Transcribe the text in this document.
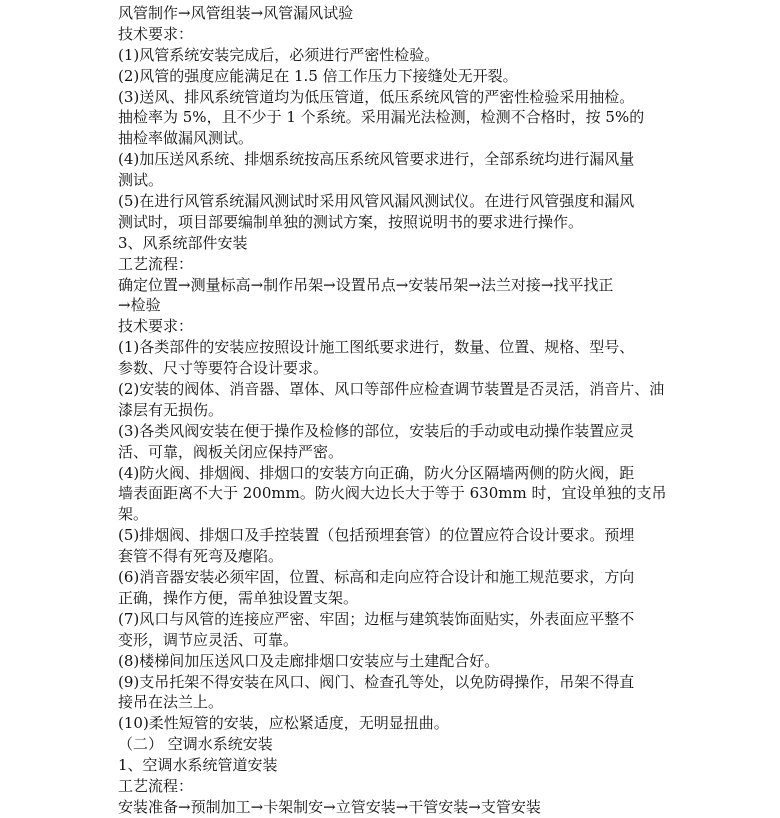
风管制作→风管组装→风管漏风试验
技术要求：
(1)风管系统安装完成后，必须进行严密性检验。
(2)风管的强度应能满足在 1.5 倍工作压力下接缝处无开裂。
(3)送风、排风系统管道均为低压管道，低压系统风管的严密性检验采用抽检。
抽检率为 5%，且不少于 1 个系统。采用漏光法检测，检测不合格时，按 5%的
抽检率做漏风测试。
(4)加压送风系统、排烟系统按高压系统风管要求进行，全部系统均进行漏风量
测试。
(5)在进行风管系统漏风测试时采用风管风漏风测试仪。在进行风管强度和漏风
测试时，项目部要编制单独的测试方案，按照说明书的要求进行操作。
3、风系统部件安装
工艺流程：
确定位置→测量标高→制作吊架→设置吊点→安装吊架→法兰对接→找平找正
→检验
技术要求：
(1)各类部件的安装应按照设计施工图纸要求进行，数量、位置、规格、型号、
参数、尺寸等要符合设计要求。
(2)安装的阀体、消音器、罩体、风口等部件应检查调节装置是否灵活，消音片、油
漆层有无损伤。
(3)各类风阀安装在便于操作及检修的部位，安装后的手动或电动操作装置应灵
活、可靠，阀板关闭应保持严密。
(4)防火阀、排烟阀、排烟口的安装方向正确，防火分区隔墙两侧的防火阀，距
墙表面距离不大于 200mm。防火阀大边长大于等于 630mm 时，宜设单独的支吊
架。
(5)排烟阀、排烟口及手控装置（包括预埋套管）的位置应符合设计要求。预埋
套管不得有死弯及瘪陷。
(6)消音器安装必须牢固，位置、标高和走向应符合设计和施工规范要求，方向
正确，操作方便，需单独设置支架。
(7)风口与风管的连接应严密、牢固；边框与建筑装饰面贴实，外表面应平整不
变形，调节应灵活、可靠。
(8)楼梯间加压送风口及走廊排烟口安装应与土建配合好。
(9)支吊托架不得安装在风口、阀门、检查孔等处，以免防碍操作，吊架不得直
接吊在法兰上。
(10)柔性短管的安装，应松紧适度，无明显扭曲。
（二） 空调水系统安装
1、空调水系统管道安装
工艺流程：
安装准备→预制加工→卡架制安→立管安装→干管安装→支管安装
